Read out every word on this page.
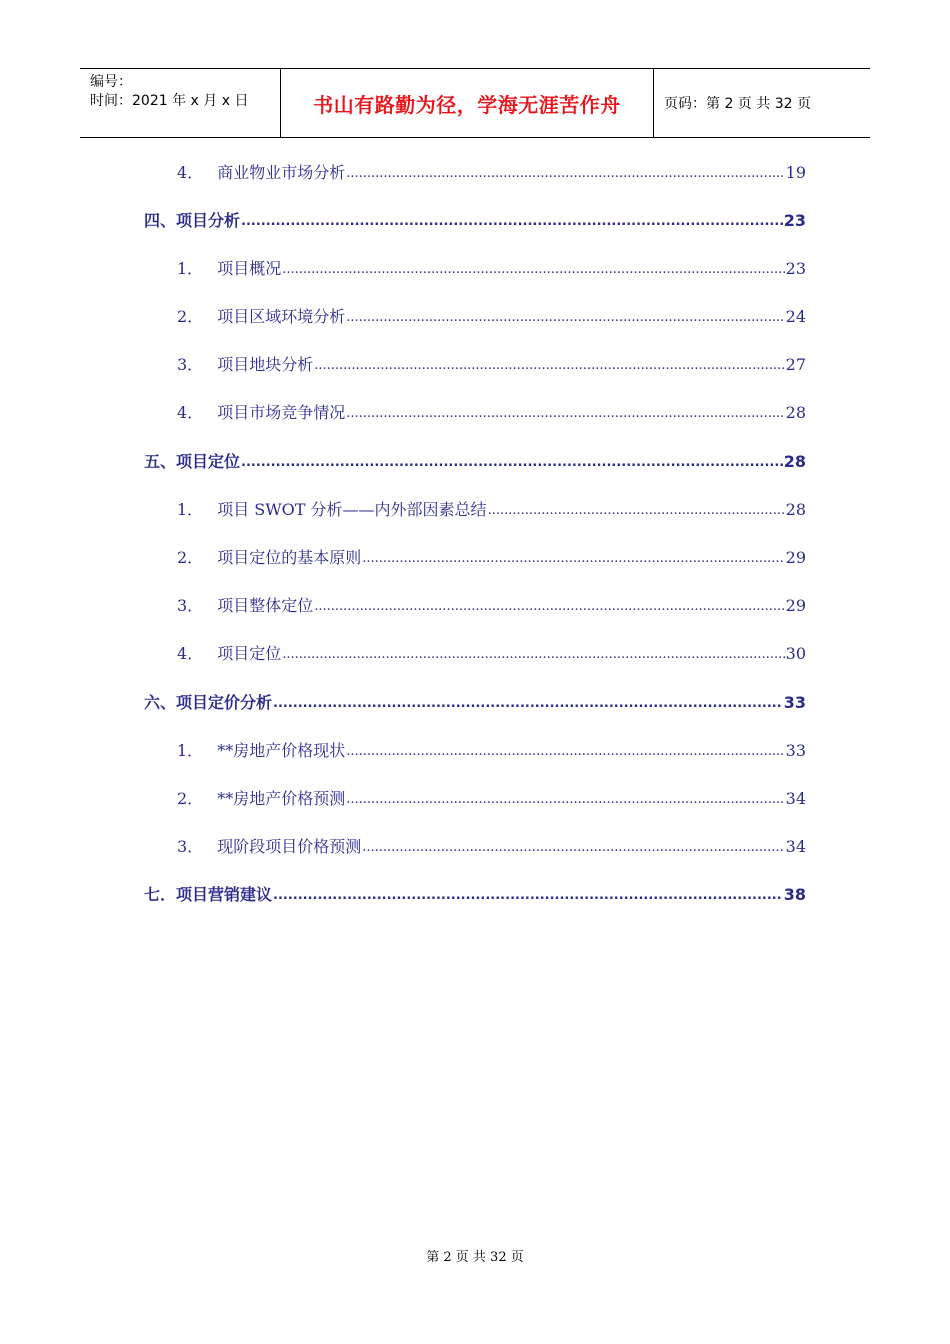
编号：
时间：2021 年 x 月 x 日	书山有路勤为径，学海无涯苦作舟	页码：第 2 页 共 32 页
4． 商业物业市场分析 .....	19
四、项目分析 .....	23
1． 项目概况 .....	23
2． 项目区域环境分析 .....	24
3． 项目地块分析 .....	27
4． 项目市场竞争情况 .....	28
五、项目定位 .....	28
1． 项目 SWOT 分析——内外部因素总结 .....	28
2． 项目定位的基本原则 .....	29
3． 项目整体定位 .....	29
4． 项目定位 .....	30
六、项目定价分析 .....	33
1． **房地产价格现状 .....	33
2． **房地产价格预测 .....	34
3． 现阶段项目价格预测 .....	34
七．项目营销建议 .....	38
第 2 页 共 32 页
